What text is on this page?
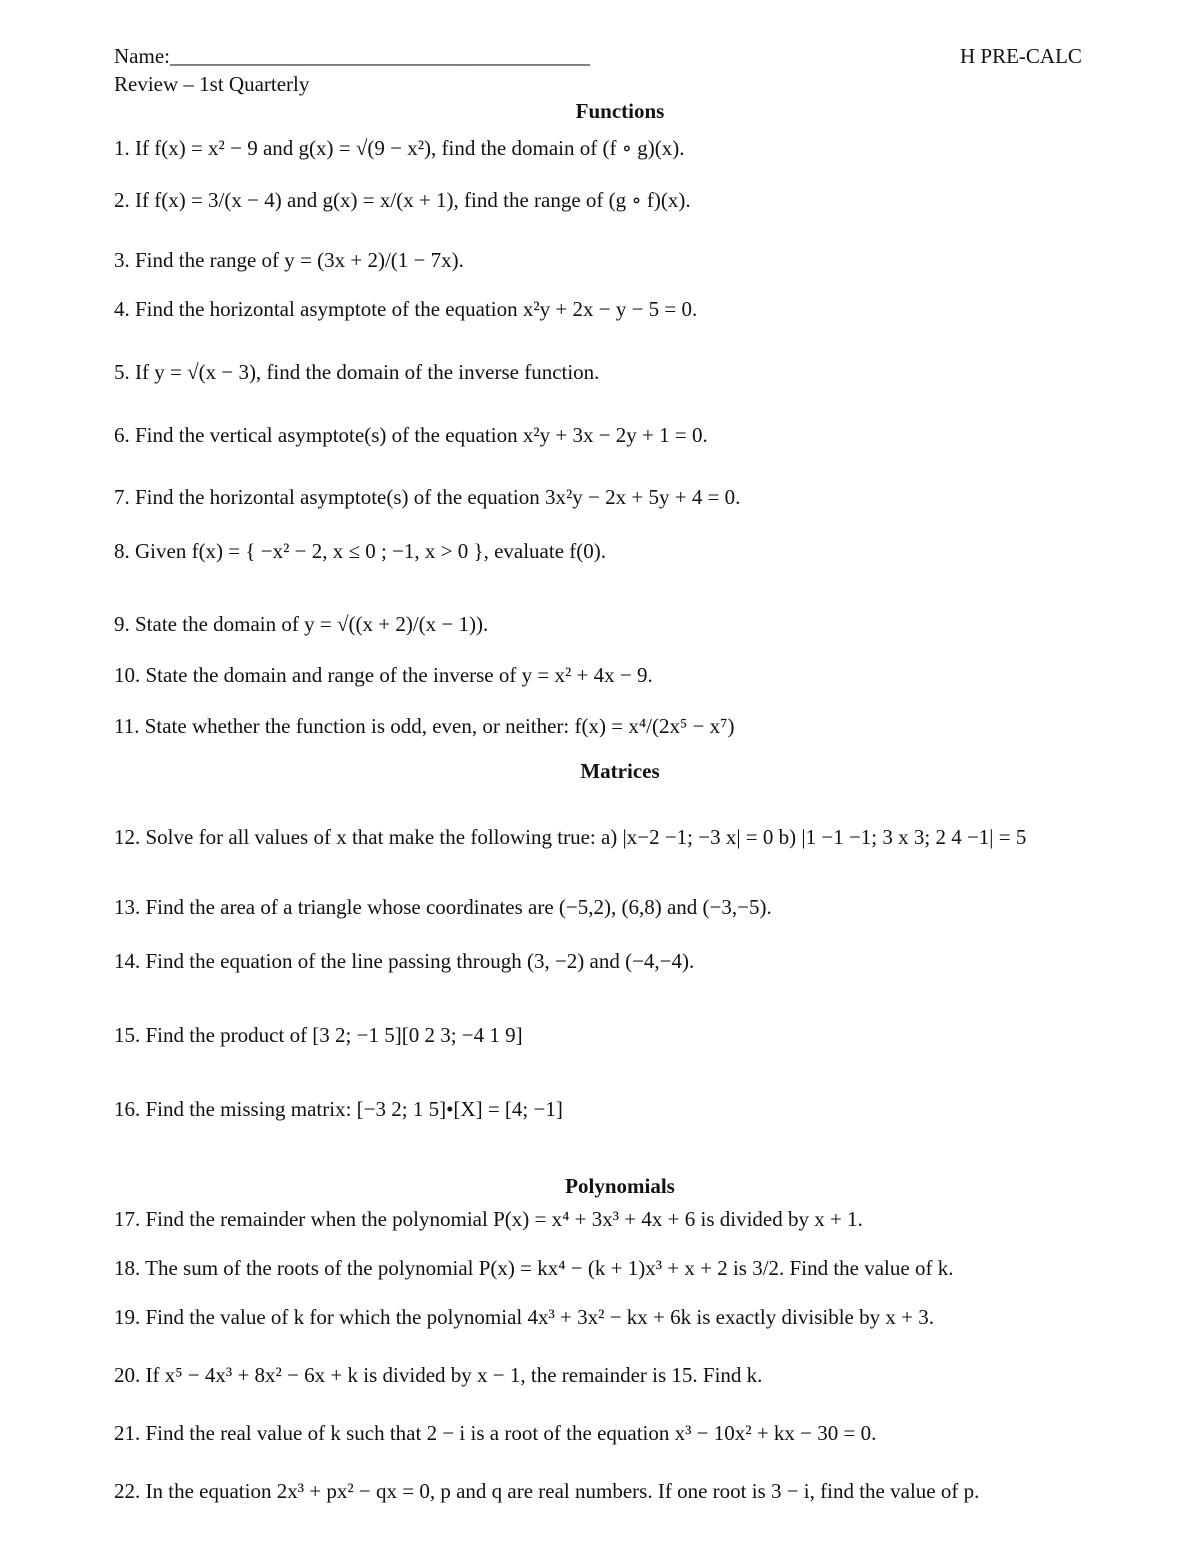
Name:________________________________________	H PRE-CALC
Review – 1st Quarterly
Functions
1. If f(x) = x² − 9 and g(x) = √(9 − x²), find the domain of (f ∘ g)(x).
2. If f(x) = 3/(x − 4) and g(x) = x/(x + 1), find the range of (g ∘ f)(x).
3. Find the range of y = (3x + 2)/(1 − 7x).
4. Find the horizontal asymptote of the equation x²y + 2x − y − 5 = 0.
5. If y = √(x − 3), find the domain of the inverse function.
6. Find the vertical asymptote(s) of the equation x²y + 3x − 2y + 1 = 0.
7. Find the horizontal asymptote(s) of the equation 3x²y − 2x + 5y + 4 = 0.
8. Given f(x) = { −x² − 2, x ≤ 0 ; −1, x > 0 }, evaluate f(0).
9. State the domain of y = √((x + 2)/(x − 1)).
10. State the domain and range of the inverse of y = x² + 4x − 9.
11. State whether the function is odd, even, or neither: f(x) = x⁴/(2x⁵ − x⁷)
Matrices
12. Solve for all values of x that make the following true: a) |x−2 −1; −3 x| = 0 b) |1 −1 −1; 3 x 3; 2 4 −1| = 5
13. Find the area of a triangle whose coordinates are (−5,2), (6,8) and (−3,−5).
14. Find the equation of the line passing through (3, −2) and (−4,−4).
15. Find the product of [3 2; −1 5][0 2 3; −4 1 9]
16. Find the missing matrix: [−3 2; 1 5]•[X] = [4; −1]
Polynomials
17. Find the remainder when the polynomial P(x) = x⁴ + 3x³ + 4x + 6 is divided by x + 1.
18. The sum of the roots of the polynomial P(x) = kx⁴ − (k + 1)x³ + x + 2 is 3/2. Find the value of k.
19. Find the value of k for which the polynomial 4x³ + 3x² − kx + 6k is exactly divisible by x + 3.
20. If x⁵ − 4x³ + 8x² − 6x + k is divided by x − 1, the remainder is 15. Find k.
21. Find the real value of k such that 2 − i is a root of the equation x³ − 10x² + kx − 30 = 0.
22. In the equation 2x³ + px² − qx = 0, p and q are real numbers. If one root is 3 − i, find the value of p.
